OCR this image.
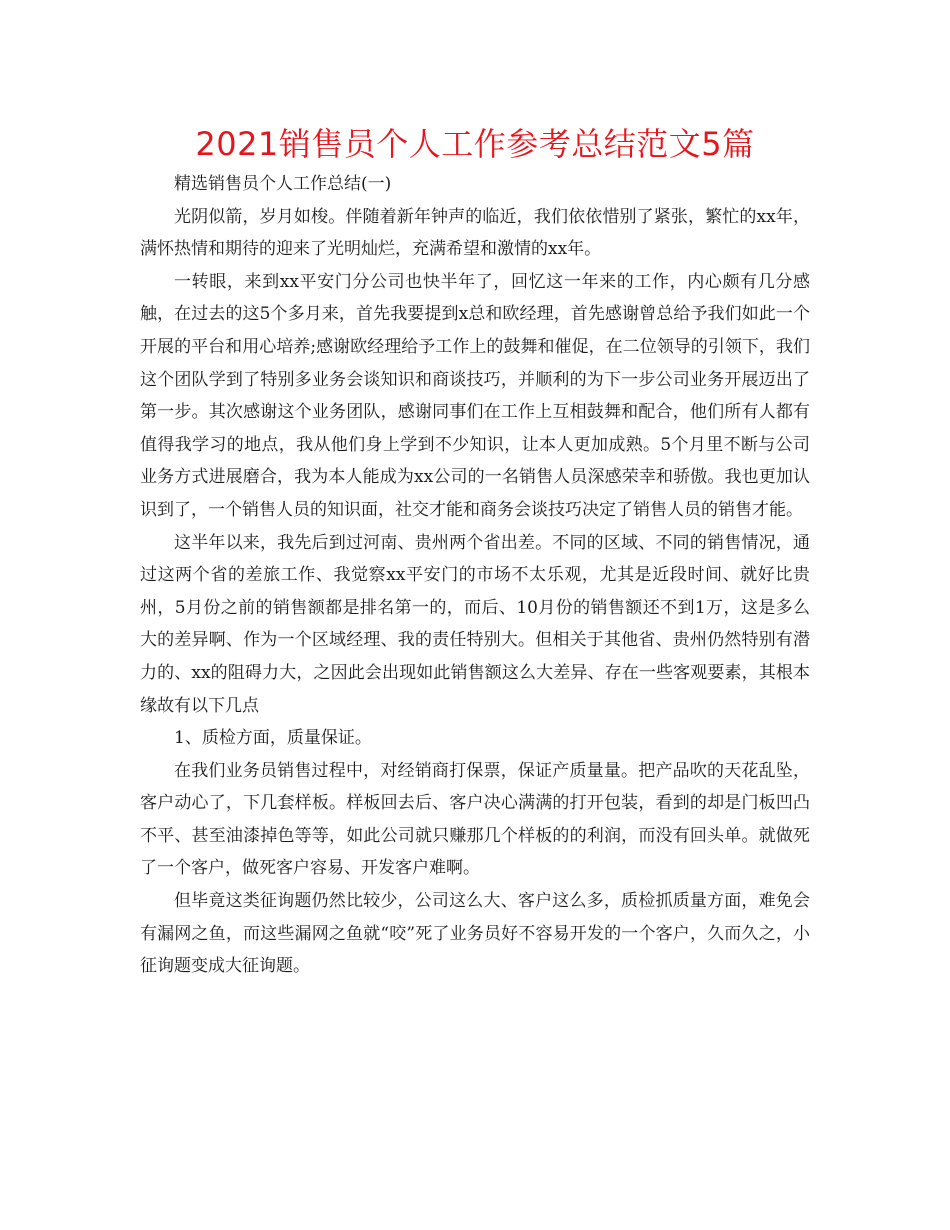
2021销售员个人工作参考总结范文5篇

精选销售员个人工作总结(一)

光阴似箭，岁月如梭。伴随着新年钟声的临近，我们依依惜别了紧张，繁忙的xx年，满怀热情和期待的迎来了光明灿烂，充满希望和激情的xx年。

一转眼，来到xx平安门分公司也快半年了，回忆这一年来的工作，内心颇有几分感触，在过去的这5个多月来，首先我要提到x总和欧经理，首先感谢曾总给予我们如此一个开展的平台和用心培养;感谢欧经理给予工作上的鼓舞和催促，在二位领导的引领下，我们这个团队学到了特别多业务会谈知识和商谈技巧，并顺利的为下一步公司业务开展迈出了第一步。其次感谢这个业务团队，感谢同事们在工作上互相鼓舞和配合，他们所有人都有值得我学习的地点，我从他们身上学到不少知识，让本人更加成熟。5个月里不断与公司业务方式进展磨合，我为本人能成为xx公司的一名销售人员深感荣幸和骄傲。我也更加认识到了，一个销售人员的知识面，社交才能和商务会谈技巧决定了销售人员的销售才能。

这半年以来，我先后到过河南、贵州两个省出差。不同的区域、不同的销售情况，通过这两个省的差旅工作、我觉察xx平安门的市场不太乐观，尤其是近段时间、就好比贵州，5月份之前的销售额都是排名第一的，而后、10月份的销售额还不到1万，这是多么大的差异啊、作为一个区域经理、我的责任特别大。但相关于其他省、贵州仍然特别有潜力的、xx的阻碍力大，之因此会出现如此销售额这么大差异、存在一些客观要素，其根本缘故有以下几点

1、质检方面，质量保证。

在我们业务员销售过程中，对经销商打保票，保证产质量量。把产品吹的天花乱坠，客户动心了，下几套样板。样板回去后、客户决心满满的打开包装，看到的却是门板凹凸不平、甚至油漆掉色等等，如此公司就只赚那几个样板的的利润，而没有回头单。就做死了一个客户，做死客户容易、开发客户难啊。

但毕竟这类征询题仍然比较少，公司这么大、客户这么多，质检抓质量方面，难免会有漏网之鱼，而这些漏网之鱼就“咬”死了业务员好不容易开发的一个客户，久而久之，小征询题变成大征询题。
